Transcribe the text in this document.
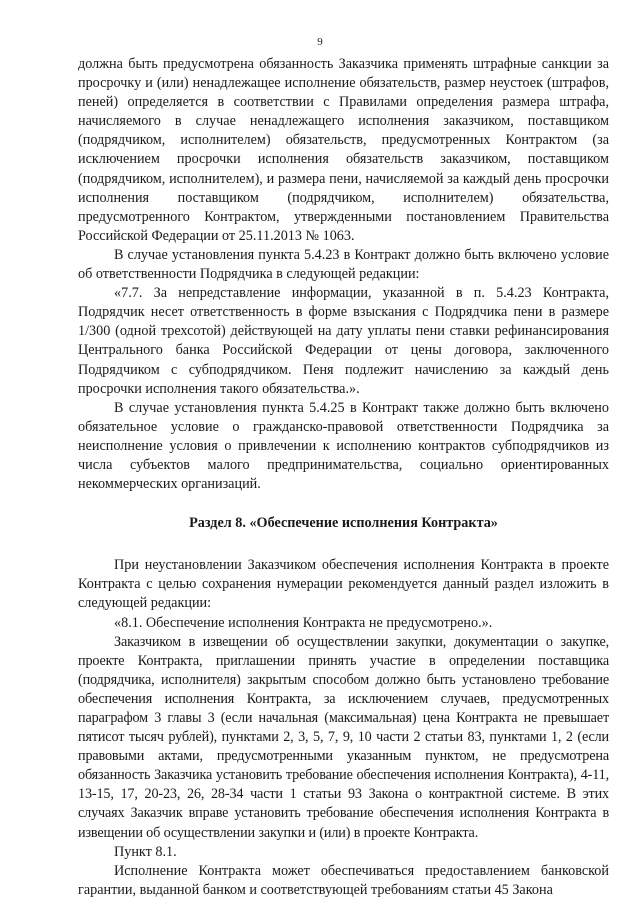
9

должна быть предусмотрена обязанность Заказчика применять штрафные санкции за просрочку и (или) ненадлежащее исполнение обязательств, размер неустоек (штрафов, пеней) определяется в соответствии с Правилами определения размера штрафа, начисляемого в случае ненадлежащего исполнения заказчиком, поставщиком (подрядчиком, исполнителем) обязательств, предусмотренных Контрактом (за исключением просрочки исполнения обязательств заказчиком, поставщиком (подрядчиком, исполнителем), и размера пени, начисляемой за каждый день просрочки исполнения поставщиком (подрядчиком, исполнителем) обязательства, предусмотренного Контрактом, утвержденными постановлением Правительства Российской Федерации от 25.11.2013 № 1063.

В случае установления пункта 5.4.23 в Контракт должно быть включено условие об ответственности Подрядчика в следующей редакции:

«7.7. За непредставление информации, указанной в п. 5.4.23 Контракта, Подрядчик несет ответственность в форме взыскания с Подрядчика пени в размере 1/300 (одной трехсотой) действующей на дату уплаты пени ставки рефинансирования Центрального банка Российской Федерации от цены договора, заключенного Подрядчиком с субподрядчиком. Пеня подлежит начислению за каждый день просрочки исполнения такого обязательства.».

В случае установления пункта 5.4.25 в Контракт также должно быть включено обязательное условие о гражданско-правовой ответственности Подрядчика за неисполнение условия о привлечении к исполнению контрактов субподрядчиков из числа субъектов малого предпринимательства, социально ориентированных некоммерческих организаций.

Раздел 8. «Обеспечение исполнения Контракта»

При неустановлении Заказчиком обеспечения исполнения Контракта в проекте Контракта с целью сохранения нумерации рекомендуется данный раздел изложить в следующей редакции:

«8.1. Обеспечение исполнения Контракта не предусмотрено.».

Заказчиком в извещении об осуществлении закупки, документации о закупке, проекте Контракта, приглашении принять участие в определении поставщика (подрядчика, исполнителя) закрытым способом должно быть установлено требование обеспечения исполнения Контракта, за исключением случаев, предусмотренных параграфом 3 главы 3 (если начальная (максимальная) цена Контракта не превышает пятисот тысяч рублей), пунктами 2, 3, 5, 7, 9, 10 части 2 статьи 83, пунктами 1, 2 (если правовыми актами, предусмотренными указанным пунктом, не предусмотрена обязанность Заказчика установить требование обеспечения исполнения Контракта), 4-11, 13-15, 17, 20-23, 26, 28-34 части 1 статьи 93 Закона о контрактной системе. В этих случаях Заказчик вправе установить требование обеспечения исполнения Контракта в извещении об осуществлении закупки и (или) в проекте Контракта.

Пункт 8.1.

Исполнение Контракта может обеспечиваться предоставлением банковской гарантии, выданной банком и соответствующей требованиям статьи 45 Закона
